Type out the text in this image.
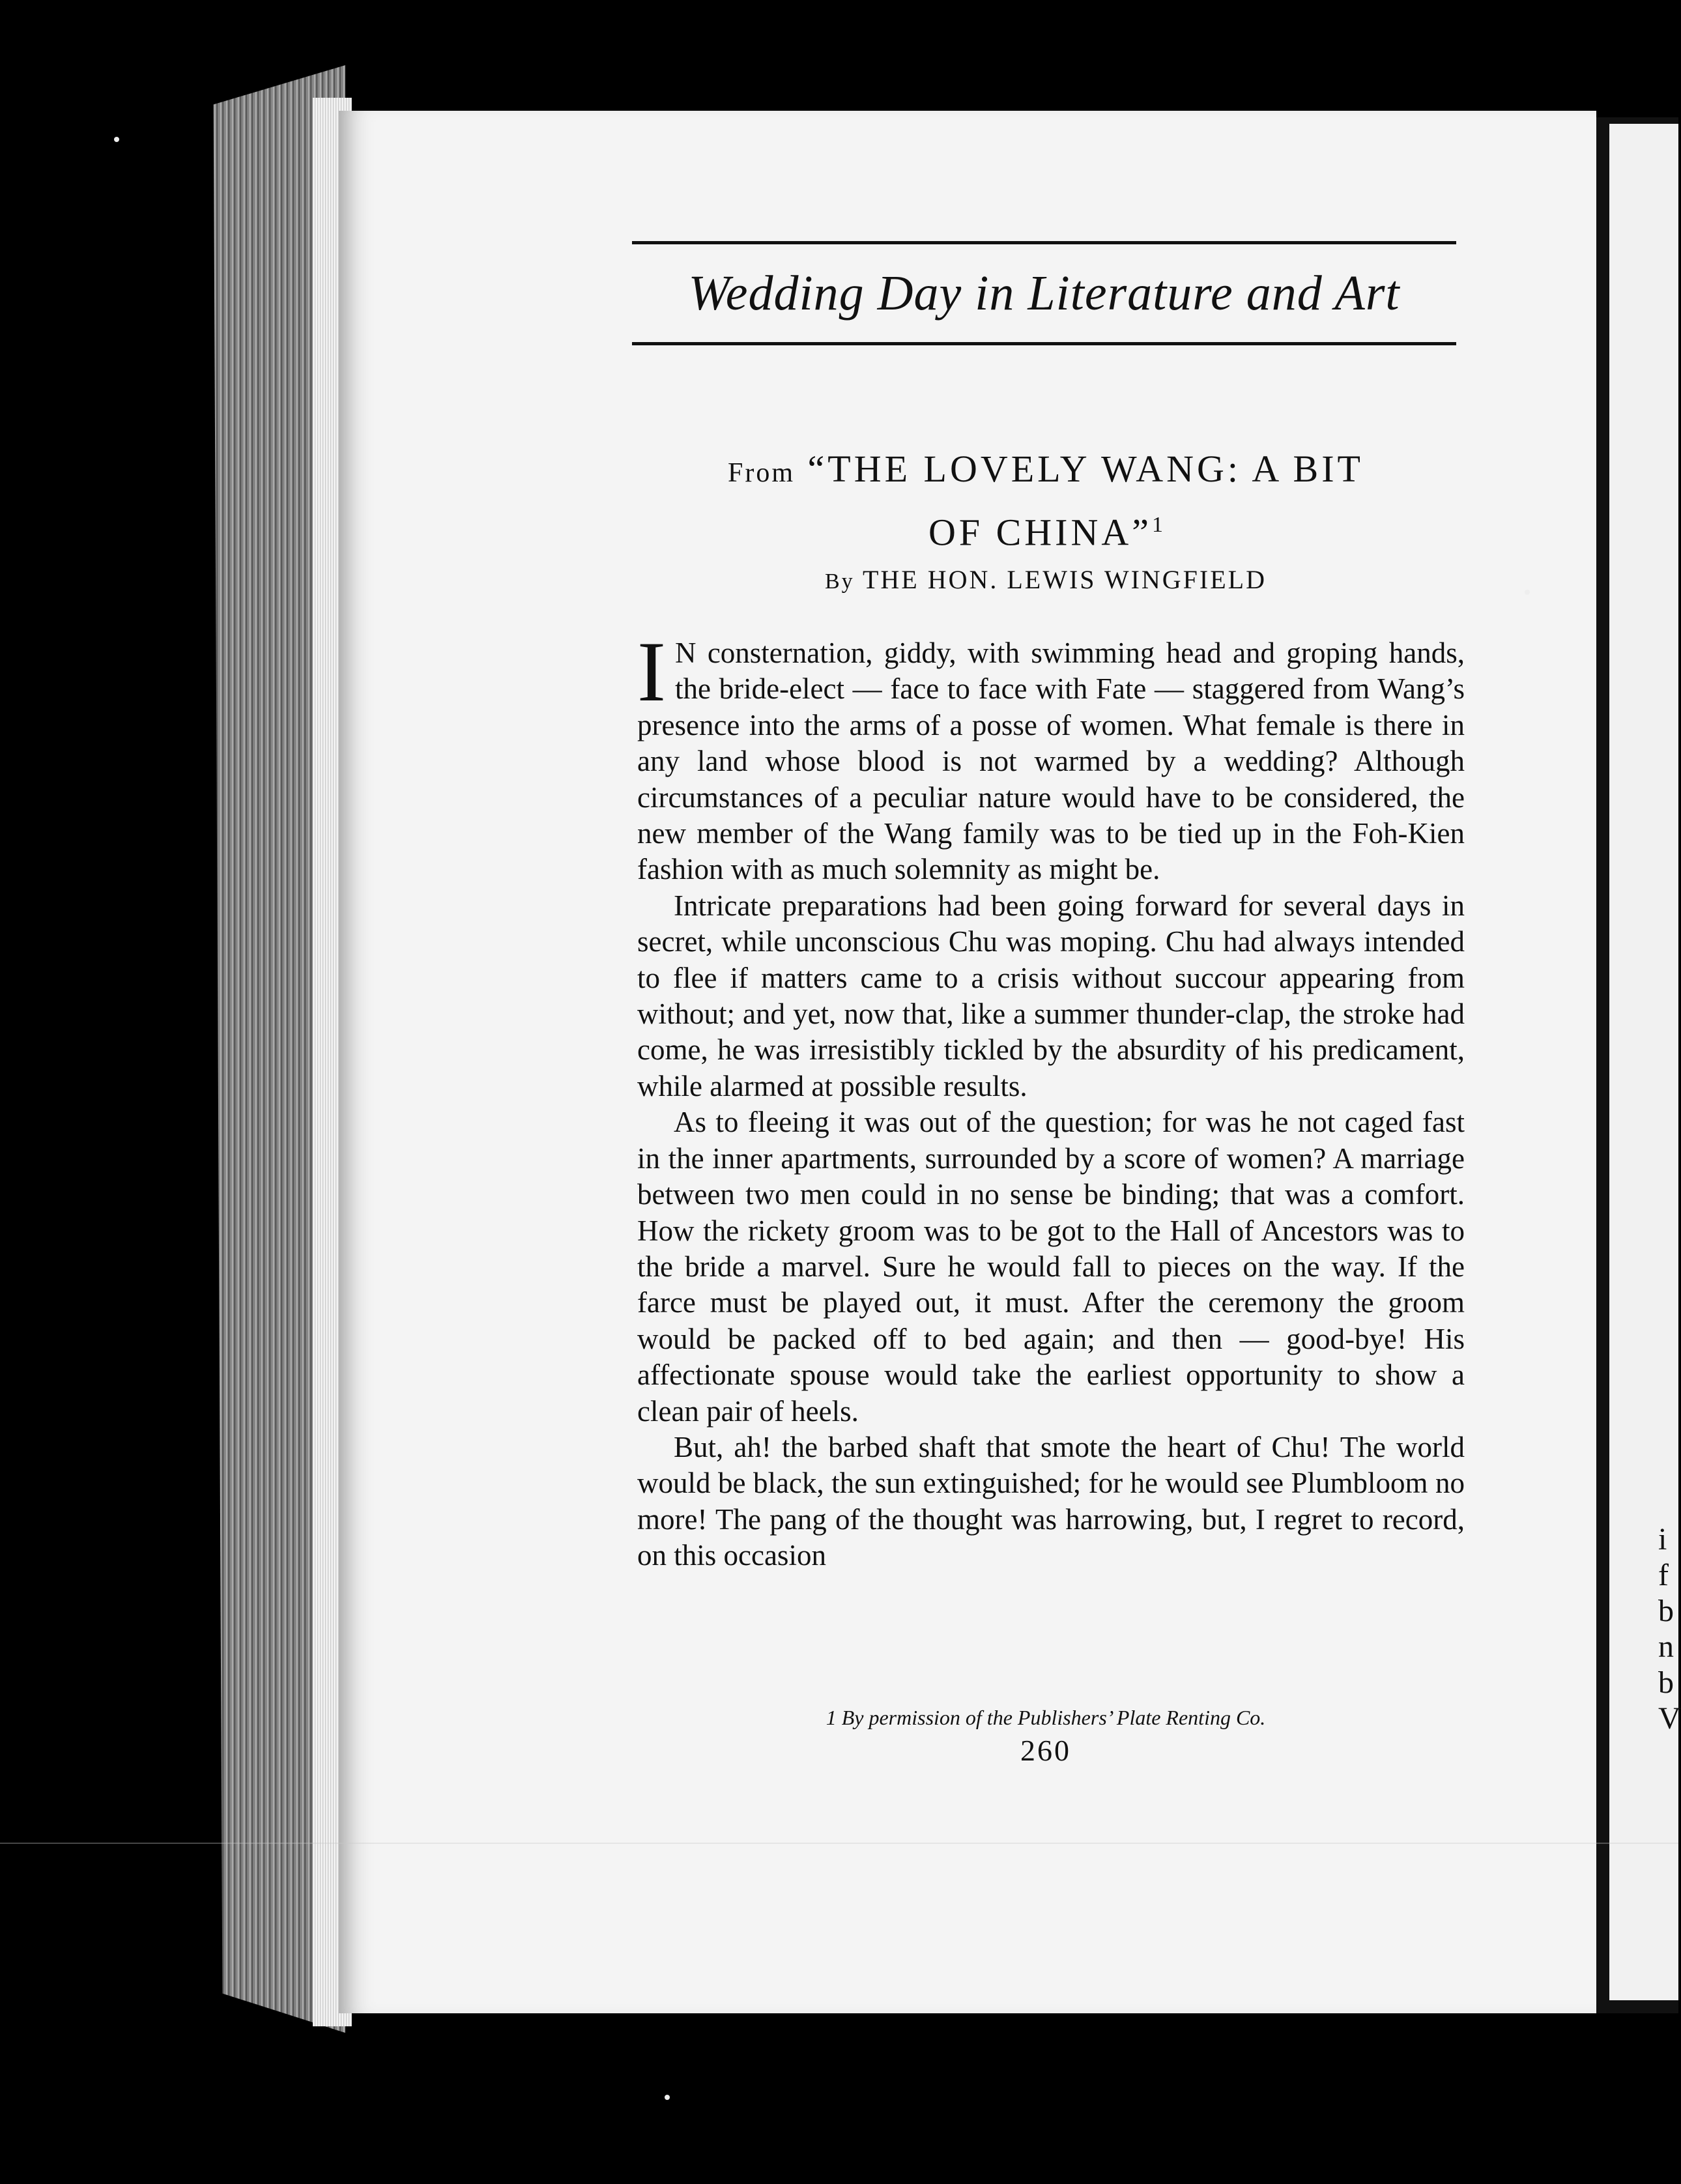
i
f
b
n
b
V
Wedding Day in Literature and Art
From “THE LOVELY WANG: A BIT
OF CHINA”$^1$
By THE HON. LEWIS WINGFIELD

I N consternation, giddy, with swimming head and groping hands, the bride-elect — face to face with Fate — staggered from Wang’s presence into the arms of a posse of women. What female is there in any land whose blood is not warmed by a wedding? Although circumstances of a peculiar nature would have to be considered, the new member of the Wang family was to be tied up in the Foh-Kien fashion with as much solemnity as might be.

Intricate preparations had been going forward for several days in secret, while unconscious Chu was moping. Chu had always intended to flee if matters came to a crisis without succour appearing from without; and yet, now that, like a summer thunder-clap, the stroke had come, he was irresistibly tickled by the absurdity of his predicament, while alarmed at possible results.

As to fleeing it was out of the question; for was he not caged fast in the inner apartments, surrounded by a score of women? A marriage between two men could in no sense be binding; that was a comfort. How the rickety groom was to be got to the Hall of Ancestors was to the bride a marvel. Sure he would fall to pieces on the way. If the farce must be played out, it must. After the ceremony the groom would be packed off to bed again; and then — good-bye! His affectionate spouse would take the earliest opportunity to show a clean pair of heels.

But, ah! the barbed shaft that smote the heart of Chu! The world would be black, the sun extinguished; for he would see Plumbloom no more! The pang of the thought was harrowing, but, I regret to record, on this occasion

1 By permission of the Publishers’ Plate Renting Co.
260
